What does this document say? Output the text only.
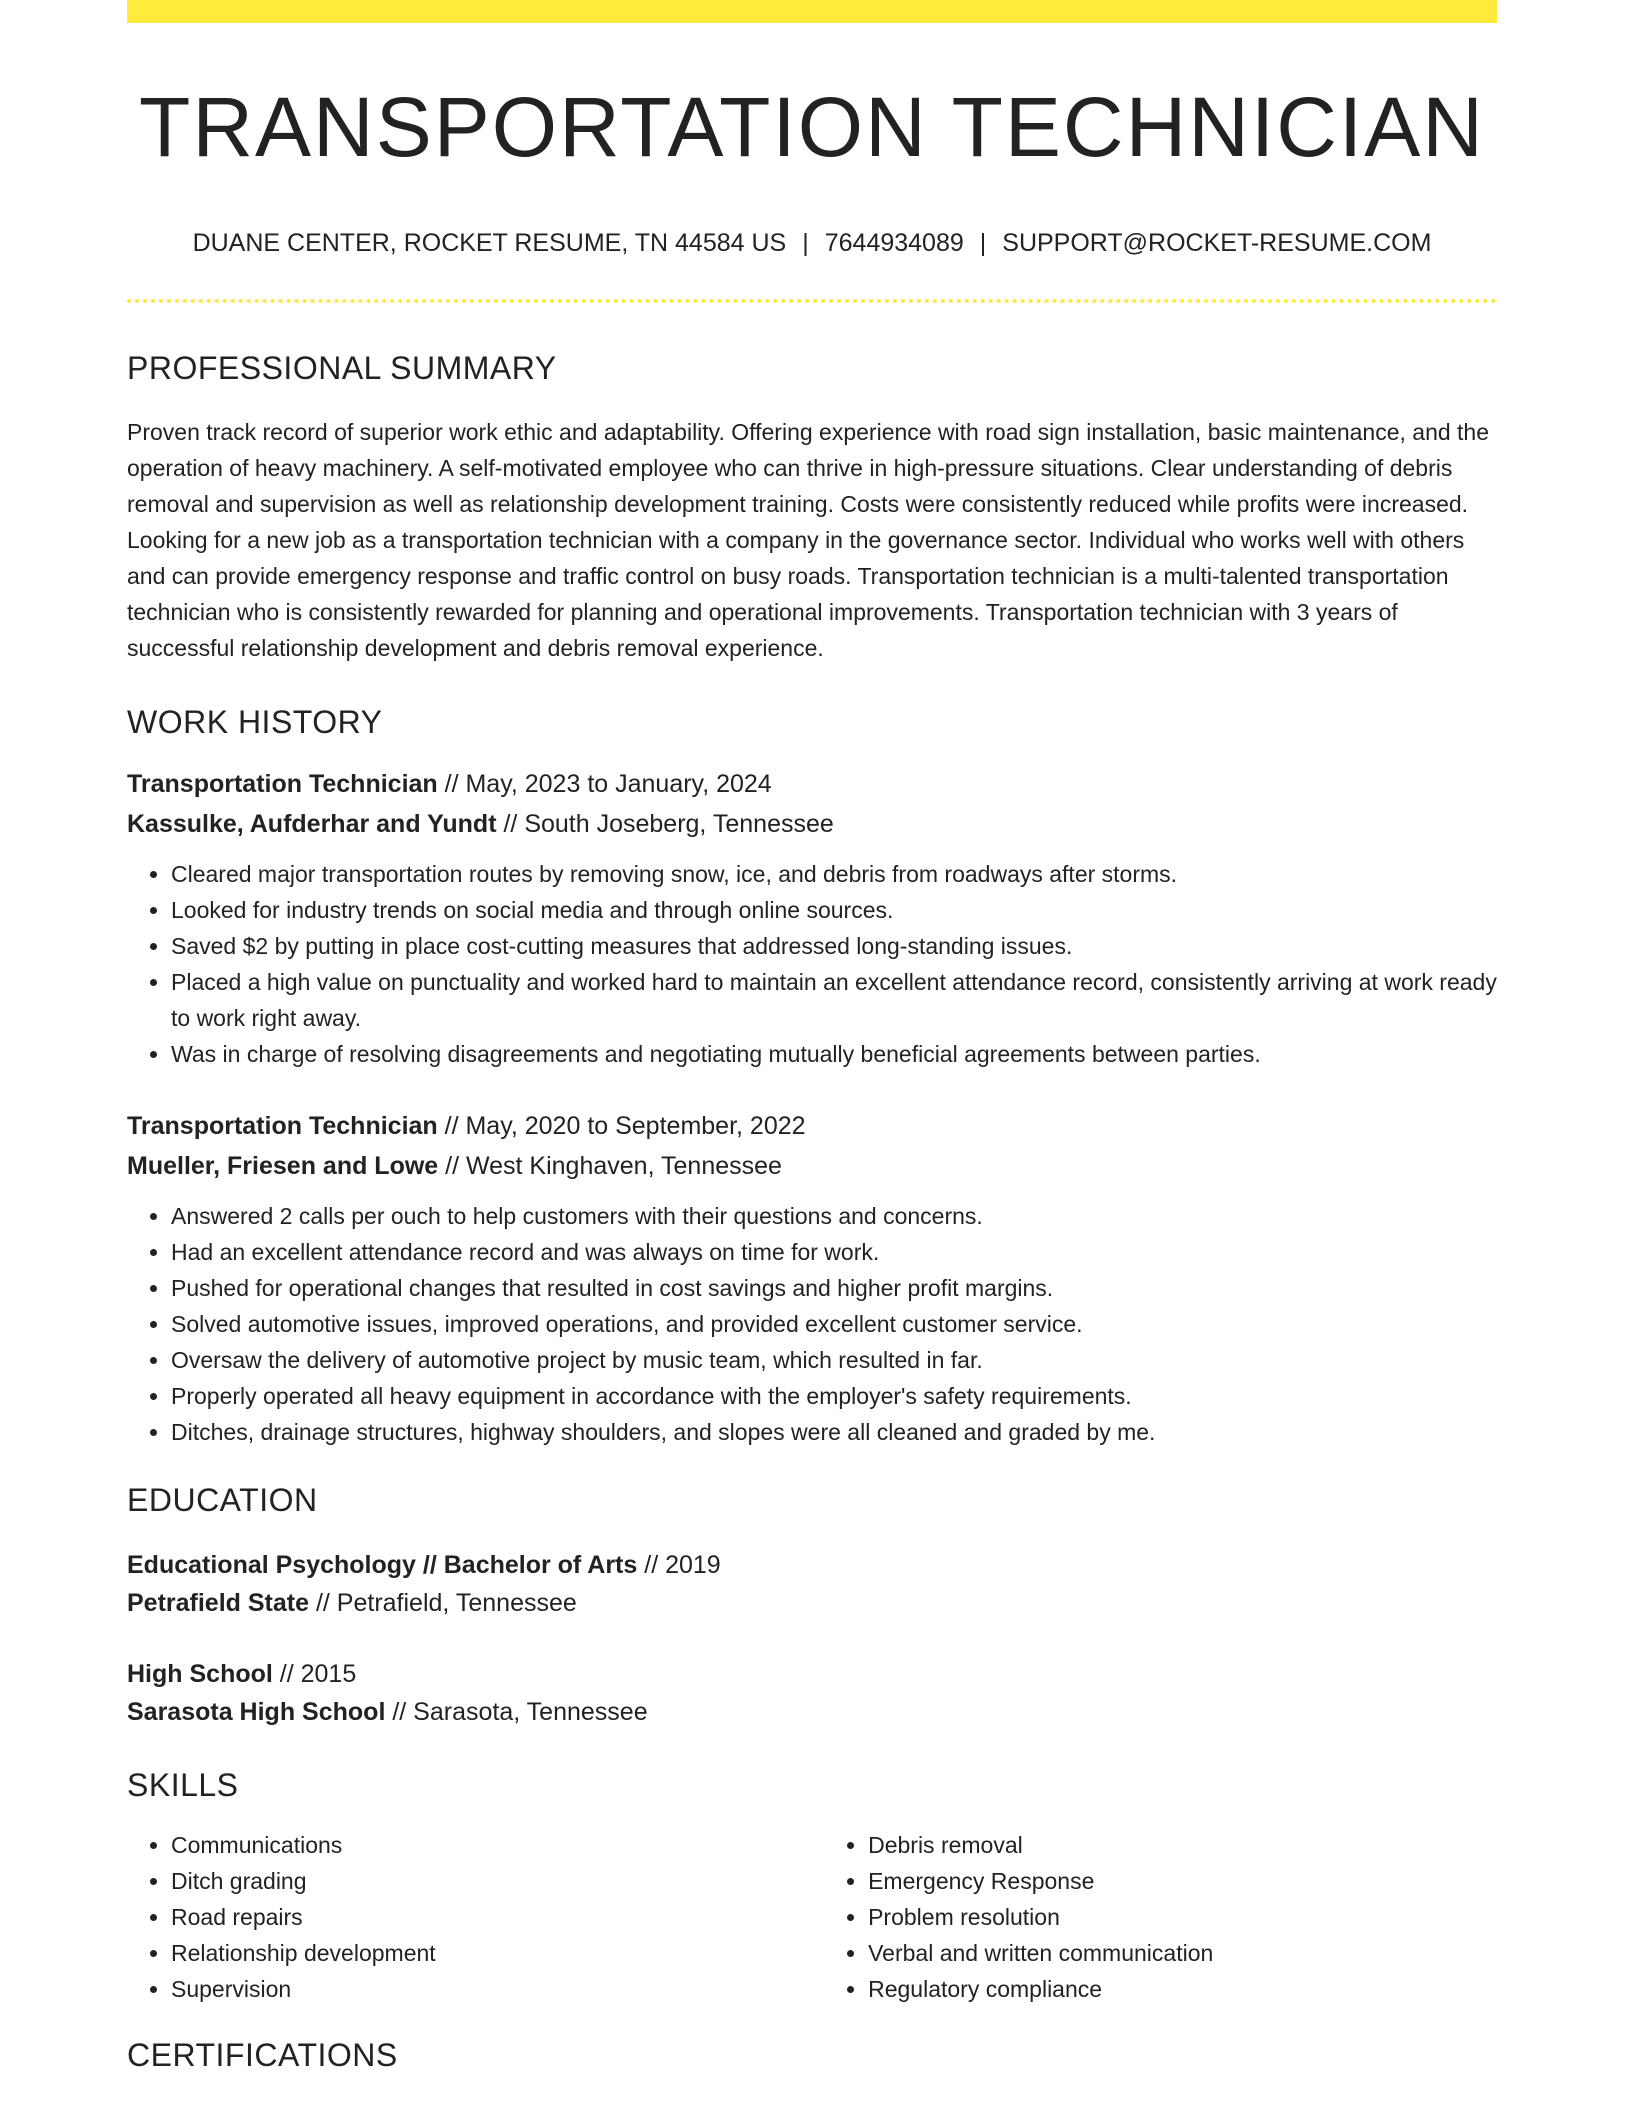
TRANSPORTATION TECHNICIAN
DUANE CENTER, ROCKET RESUME, TN 44584 US | 7644934089 | SUPPORT@ROCKET-RESUME.COM
PROFESSIONAL SUMMARY
Proven track record of superior work ethic and adaptability. Offering experience with road sign installation, basic maintenance, and the operation of heavy machinery. A self-motivated employee who can thrive in high-pressure situations. Clear understanding of debris removal and supervision as well as relationship development training. Costs were consistently reduced while profits were increased. Looking for a new job as a transportation technician with a company in the governance sector. Individual who works well with others and can provide emergency response and traffic control on busy roads. Transportation technician is a multi-talented transportation technician who is consistently rewarded for planning and operational improvements. Transportation technician with 3 years of successful relationship development and debris removal experience.
WORK HISTORY
Transportation Technician // May, 2023 to January, 2024
Kassulke, Aufderhar and Yundt // South Joseberg, Tennessee
• Cleared major transportation routes by removing snow, ice, and debris from roadways after storms.
• Looked for industry trends on social media and through online sources.
• Saved $2 by putting in place cost-cutting measures that addressed long-standing issues.
• Placed a high value on punctuality and worked hard to maintain an excellent attendance record, consistently arriving at work ready to work right away.
• Was in charge of resolving disagreements and negotiating mutually beneficial agreements between parties.
Transportation Technician // May, 2020 to September, 2022
Mueller, Friesen and Lowe // West Kinghaven, Tennessee
• Answered 2 calls per ouch to help customers with their questions and concerns.
• Had an excellent attendance record and was always on time for work.
• Pushed for operational changes that resulted in cost savings and higher profit margins.
• Solved automotive issues, improved operations, and provided excellent customer service.
• Oversaw the delivery of automotive project by music team, which resulted in far.
• Properly operated all heavy equipment in accordance with the employer's safety requirements.
• Ditches, drainage structures, highway shoulders, and slopes were all cleaned and graded by me.
EDUCATION
Educational Psychology // Bachelor of Arts // 2019
Petrafield State // Petrafield, Tennessee
High School // 2015
Sarasota High School // Sarasota, Tennessee
SKILLS
• Communications
• Ditch grading
• Road repairs
• Relationship development
• Supervision
• Debris removal
• Emergency Response
• Problem resolution
• Verbal and written communication
• Regulatory compliance
CERTIFICATIONS
